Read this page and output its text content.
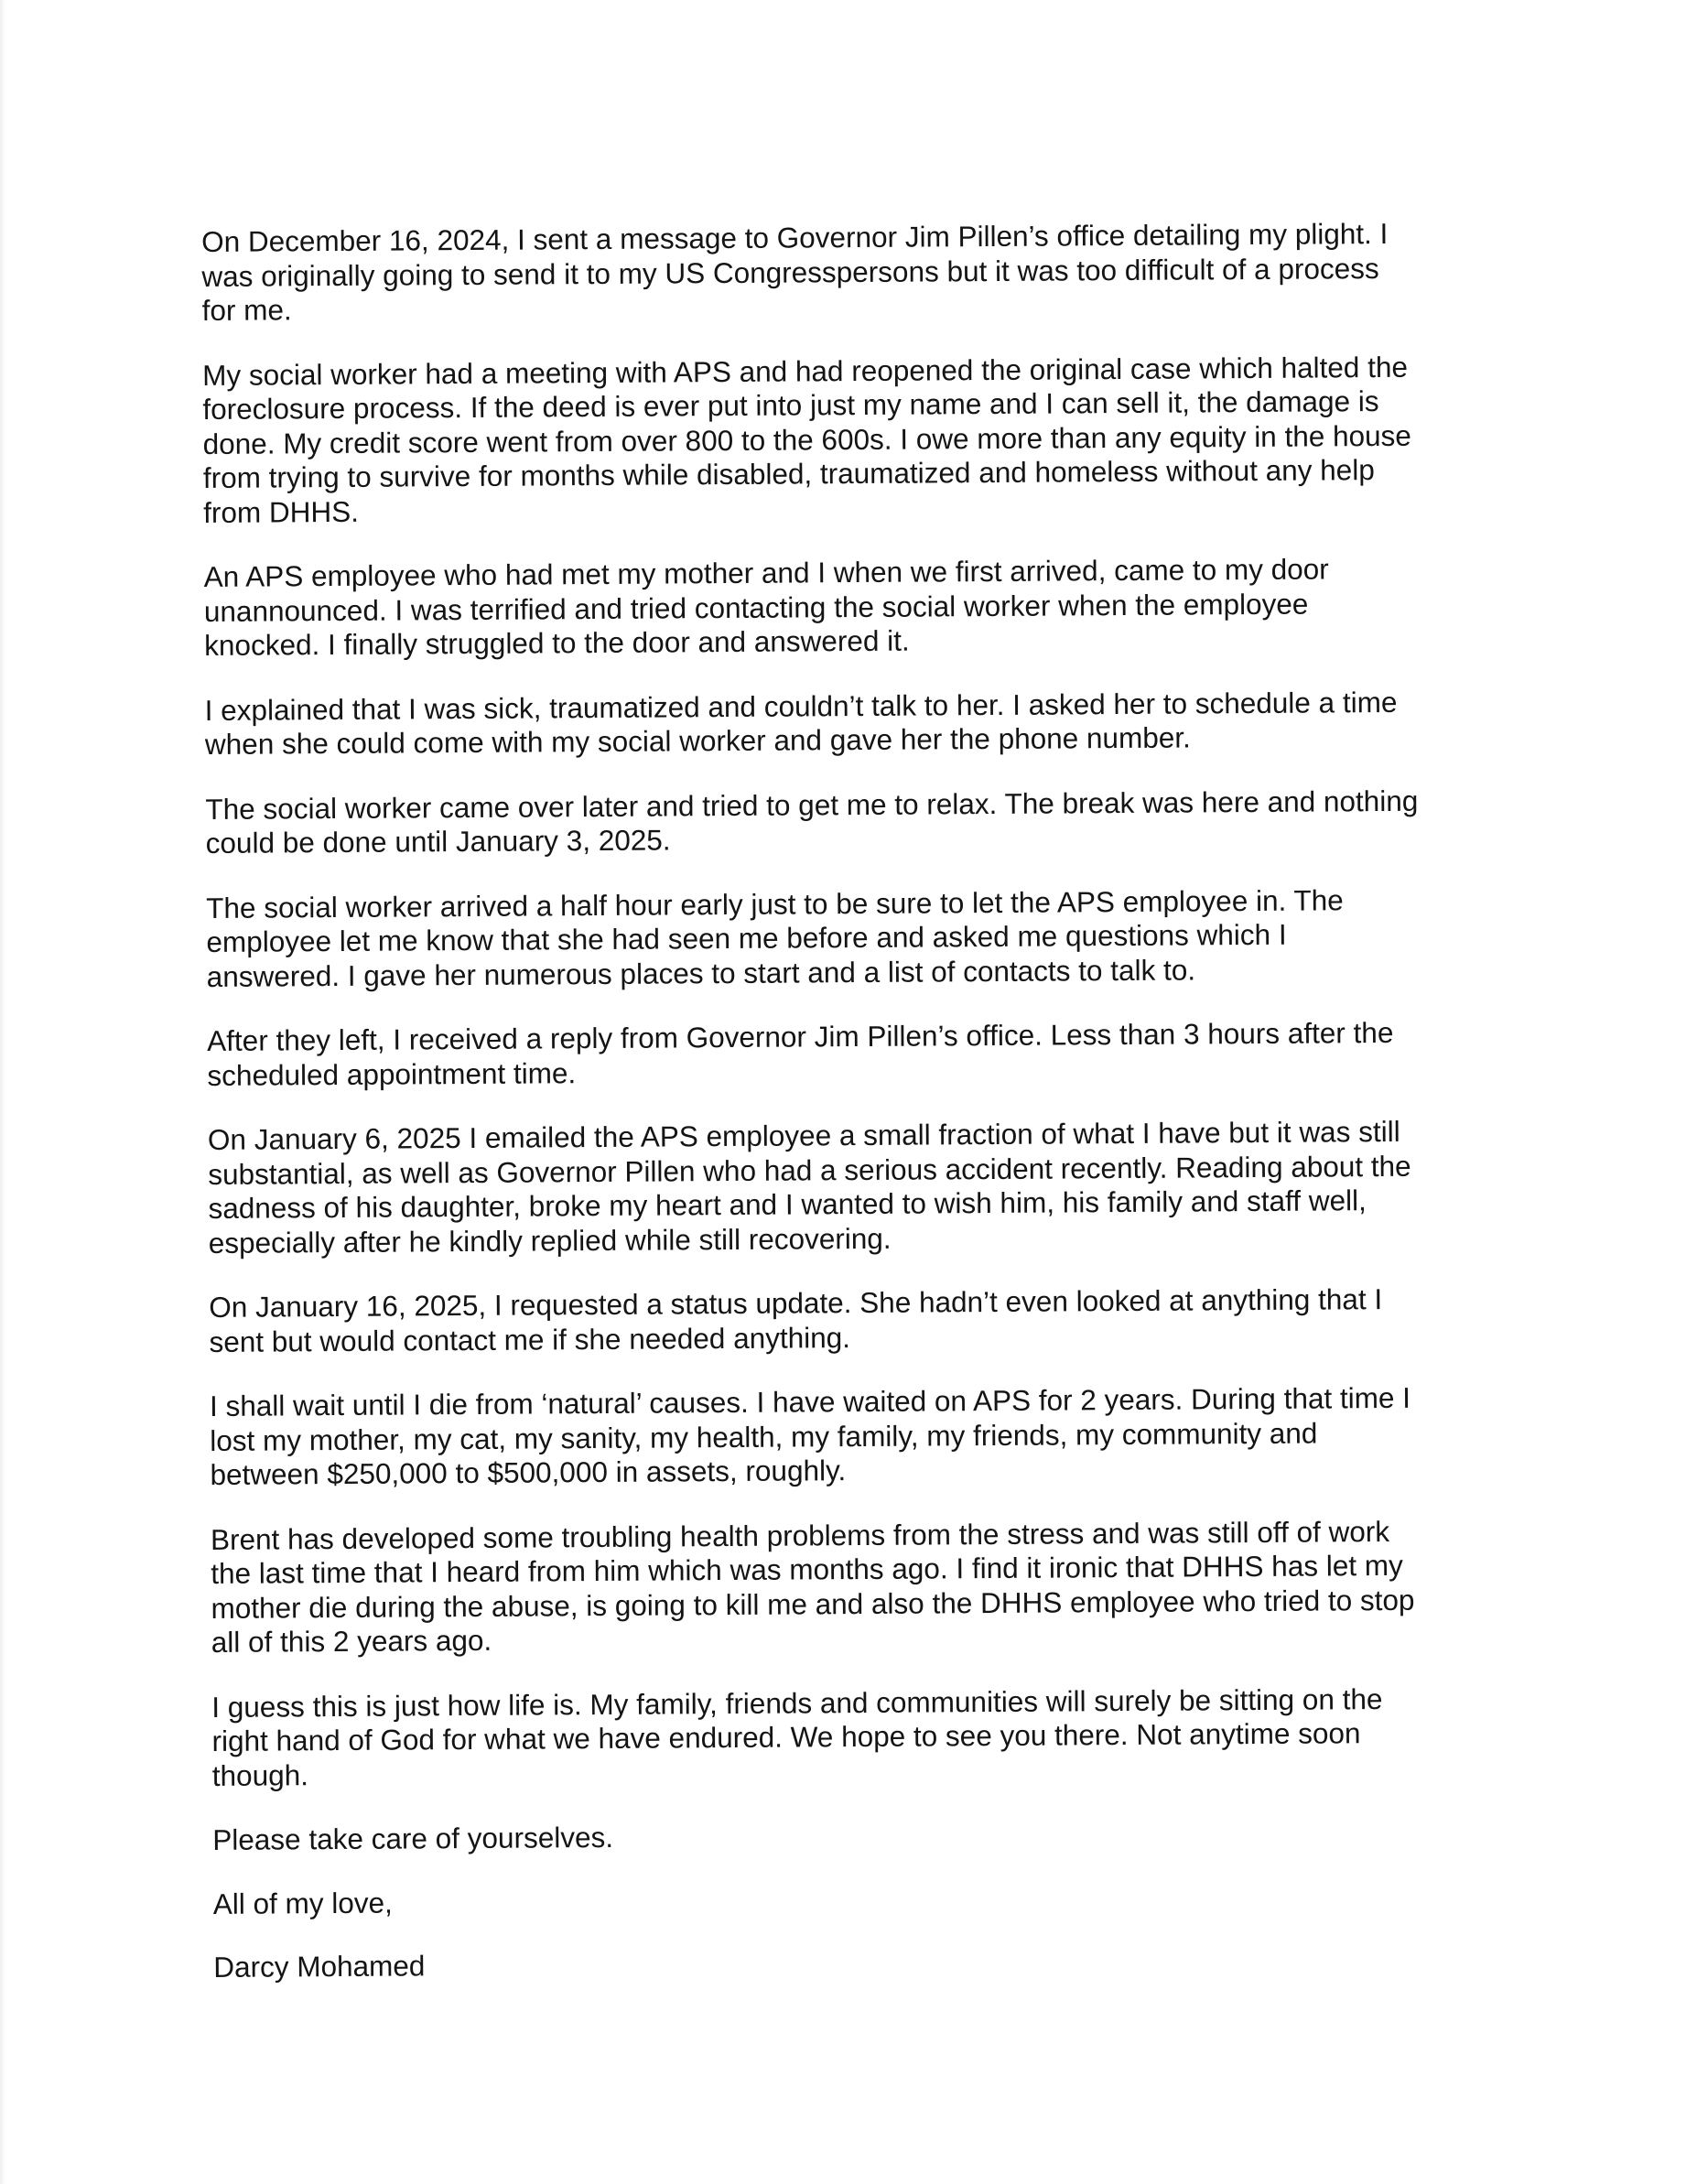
On December 16, 2024, I sent a message to Governor Jim Pillen’s office detailing my plight. I
was originally going to send it to my US Congresspersons but it was too difficult of a process
for me.

My social worker had a meeting with APS and had reopened the original case which halted the
foreclosure process. If the deed is ever put into just my name and I can sell it, the damage is
done. My credit score went from over 800 to the 600s. I owe more than any equity in the house
from trying to survive for months while disabled, traumatized and homeless without any help
from DHHS.

An APS employee who had met my mother and I when we first arrived, came to my door
unannounced. I was terrified and tried contacting the social worker when the employee
knocked. I finally struggled to the door and answered it.

I explained that I was sick, traumatized and couldn’t talk to her. I asked her to schedule a time
when she could come with my social worker and gave her the phone number.

The social worker came over later and tried to get me to relax. The break was here and nothing
could be done until January 3, 2025.

The social worker arrived a half hour early just to be sure to let the APS employee in. The
employee let me know that she had seen me before and asked me questions which I
answered. I gave her numerous places to start and a list of contacts to talk to.

After they left, I received a reply from Governor Jim Pillen’s office. Less than 3 hours after the
scheduled appointment time.

On January 6, 2025 I emailed the APS employee a small fraction of what I have but it was still
substantial, as well as Governor Pillen who had a serious accident recently. Reading about the
sadness of his daughter, broke my heart and I wanted to wish him, his family and staff well,
especially after he kindly replied while still recovering.

On January 16, 2025, I requested a status update. She hadn’t even looked at anything that I
sent but would contact me if she needed anything.

I shall wait until I die from ‘natural’ causes. I have waited on APS for 2 years. During that time I
lost my mother, my cat, my sanity, my health, my family, my friends, my community and
between $250,000 to $500,000 in assets, roughly.

Brent has developed some troubling health problems from the stress and was still off of work
the last time that I heard from him which was months ago. I find it ironic that DHHS has let my
mother die during the abuse, is going to kill me and also the DHHS employee who tried to stop
all of this 2 years ago.

I guess this is just how life is. My family, friends and communities will surely be sitting on the
right hand of God for what we have endured. We hope to see you there. Not anytime soon
though.

Please take care of yourselves.

All of my love,

Darcy Mohamed
